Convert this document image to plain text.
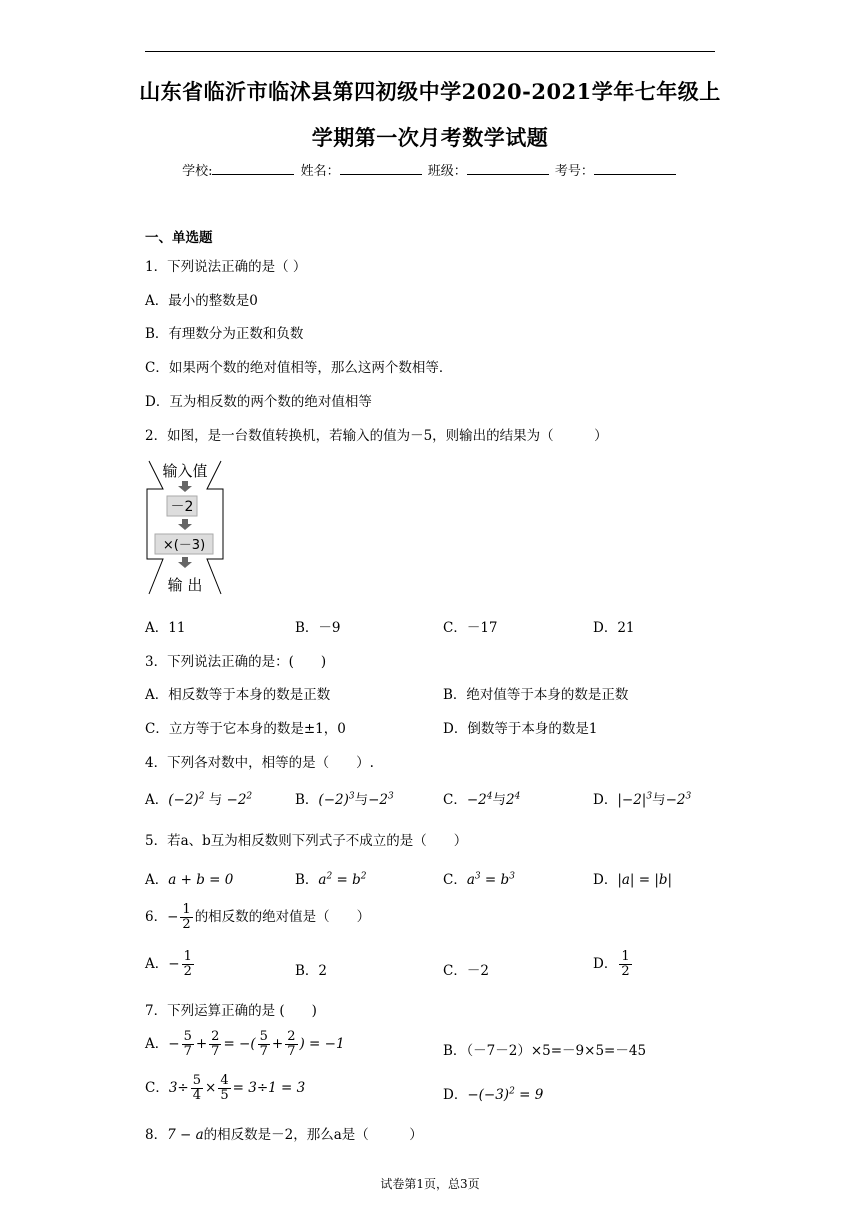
山东省临沂市临沭县第四初级中学2020-2021学年七年级上
学期第一次月考数学试题
学校:	姓名：	班级：	考号：
一、单选题
1．下列说法正确的是（ ）
A．最小的整数是0
B．有理数分为正数和负数
C．如果两个数的绝对值相等，那么这两个数相等．
D．互为相反数的两个数的绝对值相等
2．如图，是一台数值转换机，若输入的值为－5，则输出的结果为（　　　）
输入值
－2
×(－3)
输 出
A．11	B．－9	C．－17	D．21
3．下列说法正确的是：(　　)
A．相反数等于本身的数是正数	B．绝对值等于本身的数是正数
C．立方等于它本身的数是±1，0	D．倒数等于本身的数是1
4．下列各对数中，相等的是（　　）.
A．$(-2)^2$ 与 $-2^2$	B．$(-2)^3$与$-2^3$	C．$-2^4$与$2^4$	D．$|-2|^3$与$-2^3$
5．若a、b互为相反数则下列式子不成立的是（　　）
A．a + b = 0	B．$a^2 = b^2$	C．$a^3 = b^3$	D．|a| = |b|
6．− $\frac{1}{2}$ 的相反数的绝对值是（　　）
A．− $\frac{1}{2}$	B．2	C．－2	D． $\frac{1}{2}$
7．下列运算正确的是 (　　)
A．− $\frac{5}{7} + \frac{2}{7}$ = −( $\frac{5}{7} + \frac{2}{7}$ ) = −1	B．（－7－2）×5=－9×5=－45
C．$3\div \frac{5}{4} \times \frac{4}{5} = 3\div 1 = 3$	D．$-(-3)^2 = 9$
8．7 − a的相反数是－2，那么a是（　　　）
试卷第1页，总3页
